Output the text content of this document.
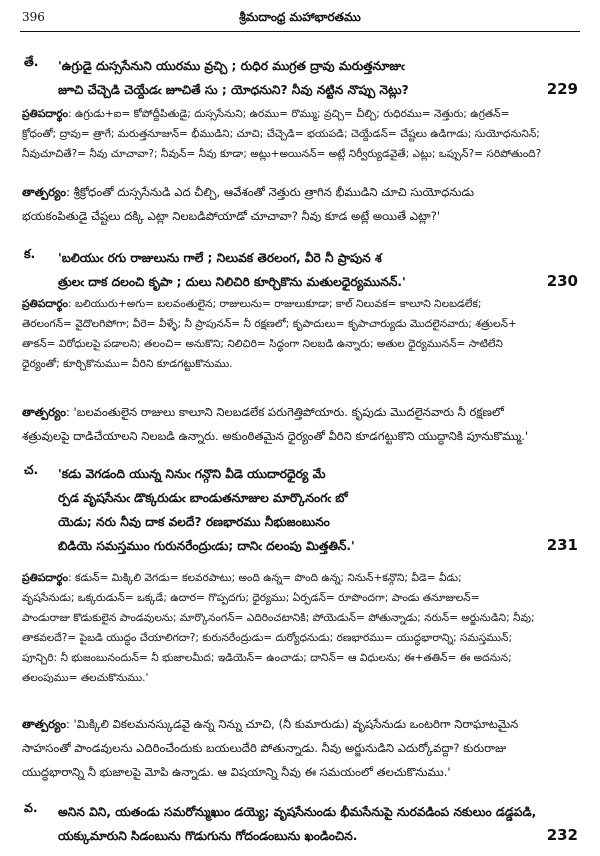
396	శ్రీమదాంధ్ర మహాభారతము
తే. 'ఉగ్రుడై దుస్ససేనుని యురము వ్రచ్చి ; రుధిర ముగ్రత ద్రావు మరుత్తనూజుఁ
జూచి చేచ్చెడి చెయ్దేడఁ జూచితే సు ; యోధనుని? నీవు నట్టిన నొప్పు నెట్లు?	229
ప్రతిపదార్థం: ఉగ్రుడు+ఐ= కోపోద్దీపితుడై; దుస్ససేనుని; ఉరము= రొమ్ము; వ్రచ్చి= చీల్చి; రుధిరము= నెత్తురు; ఉగ్రతన్=
క్రోధంతో; ద్రావు= త్రాగే; మరుత్తనూజున్= భీముడిని; చూచి; చేచ్చెడి= భయపడి; చెయ్దేడన్= చేష్టలు ఉడిగాడు; సుయోధనునిన్;
నీవుచూచితే?= నీవు చూచావా?; నీవున్= నీవు కూడా; అట్లు+అయినన్= అట్లే నిర్వీర్యుడవైతే; ఎట్లు; ఒప్పున్?= సరిపోతుంది?
తాత్పర్యం: శ్రీక్రోధంతో దుస్ససేనుడి ఎద చీల్చి, ఆవేశంతో నెత్తురు త్రాగిన భీముడిని చూచి సుయోధనుడు
భయకంపితుడై చేష్టలు దక్కి ఎట్లా నిలబడిపోయాడో చూచావా? నీవు కూడ అట్లే అయితే ఎట్లా?'
క. 'బలియుఁ రగు రాజులును గాలే ; నిలువక తెరలంగ, వీరె నీ ప్రాపున శ
త్రులఁ దాక దలంచి కృపా ; దులు నిలిచిరి కూర్చికొను మతులధైర్యమునన్.'	230
ప్రతిపదార్థం: బలియురు+అగు= బలవంతులైన; రాజులును= రాజులుకూడా; కాల్ నిలువక= కాలూని నిలబడలేక;
తెరలంగన్= వైదొలగిపోగా; వీరె= వీళ్ళే; నీ ప్రాపునన్= నీ రక్షణలో; కృపాదులు= కృపాచార్యుడు మొదలైనవారు; శత్రులన్+
తాకన్= విరోధులపై పడాలని; తలంచి= అనుకొని; నిలిచిరి= సిద్ధంగా నిలబడి ఉన్నారు; అతుల ధైర్యమునన్= సాటిలేని
ధైర్యంతో; కూర్చికొనుము= వీరిని కూడగట్టుకొనుము.
తాత్పర్యం: 'బలవంతులైన రాజులు కాలూని నిలబడలేక పరుగెత్తిపోయారు. కృపుడు మొదలైనవారు నీ రక్షణలో
శత్రువులపై దాడిచేయాలని నిలబడి ఉన్నారు. అకుంఠితమైన ధైర్యంతో వీరిని కూడగట్టుకొని యుద్ధానికి పూనుకొమ్ము.'
చ. 'కడు వెగడంది యున్న నినుఁ గన్గొని వీడె యుదారధైర్య మే
ర్పడ వృషసేనుఁ డొక్కరుడుఁ బాండుతనూజుల మార్కొనంగఁ బో
యెడు; నరు నీవు దాక వలదే? రణభారము నీభుజంబునం
బిడియె సమస్తముం గురునరేంద్రుఁడు; దానిఁ దలంపు మిత్తతిన్.'	231
ప్రతిపదార్థం: కడున్= మిక్కిలి వెగడు= కలవరపాటు; అంది ఉన్న= పొంది ఉన్న; నినున్+కన్గొని; వీడె= వీడు;
వృషసేనుడు; ఒక్కరుడున్= ఒక్కడే; ఉదార= గొప్పదగు; ధైర్యము; ఏర్పడన్= రూపొందగా; పాండు తనూజులన్=
పాండురాజు కొడుకులైన పాండవులను; మార్కొనంగన్= ఎదిరించటానికి; పోయెడున్= పోతున్నాడు; నరున్= అర్జునుడిని; నీవు;
తాకవలదే?= పైబడి యుద్ధం చేయాలిగదా?; కురునరేంద్రుడు= దుర్యోధనుడు; రణభారము= యుద్ధభారాన్ని; సమస్తమున్;
పూన్చిరి: నీ భుజంబునందున్= నీ భుజాలమీద; ఇడియెన్= ఉంచాడు; దానిన్= ఆ విధులను; ఈ+తతిన్= ఈ అదనున;
తలంపుము= తలచుకొనుము.'
తాత్పర్యం: 'మిక్కిలి వికలమనస్కుడవై ఉన్న నిన్ను చూచి, (నీ కుమారుడు) వృషసేనుడు ఒంటరిగా నిరాఘాటమైన
సాహసంతో పాండవులను ఎదిరించేందుకు బయలుదేరి పోతున్నాడు. నీవు అర్జునుడిని ఎదుర్కోవద్దా? కురురాజు
యుద్ధభారాన్ని నీ భుజాలపై మోపి ఉన్నాడు. ఆ విషయాన్ని నీవు ఈ సమయంలో తలచుకొనుము.'
వ. అనిన విని, యతండు సమరోన్ముఖుం డయ్యె; వృషసేనుండు భీమసేనుపై నురవడింప నకులుం డడ్డపడి,
యక్కుమారుని సిడంబును గొడుగును గోదండంబును ఖండించిన.	232
